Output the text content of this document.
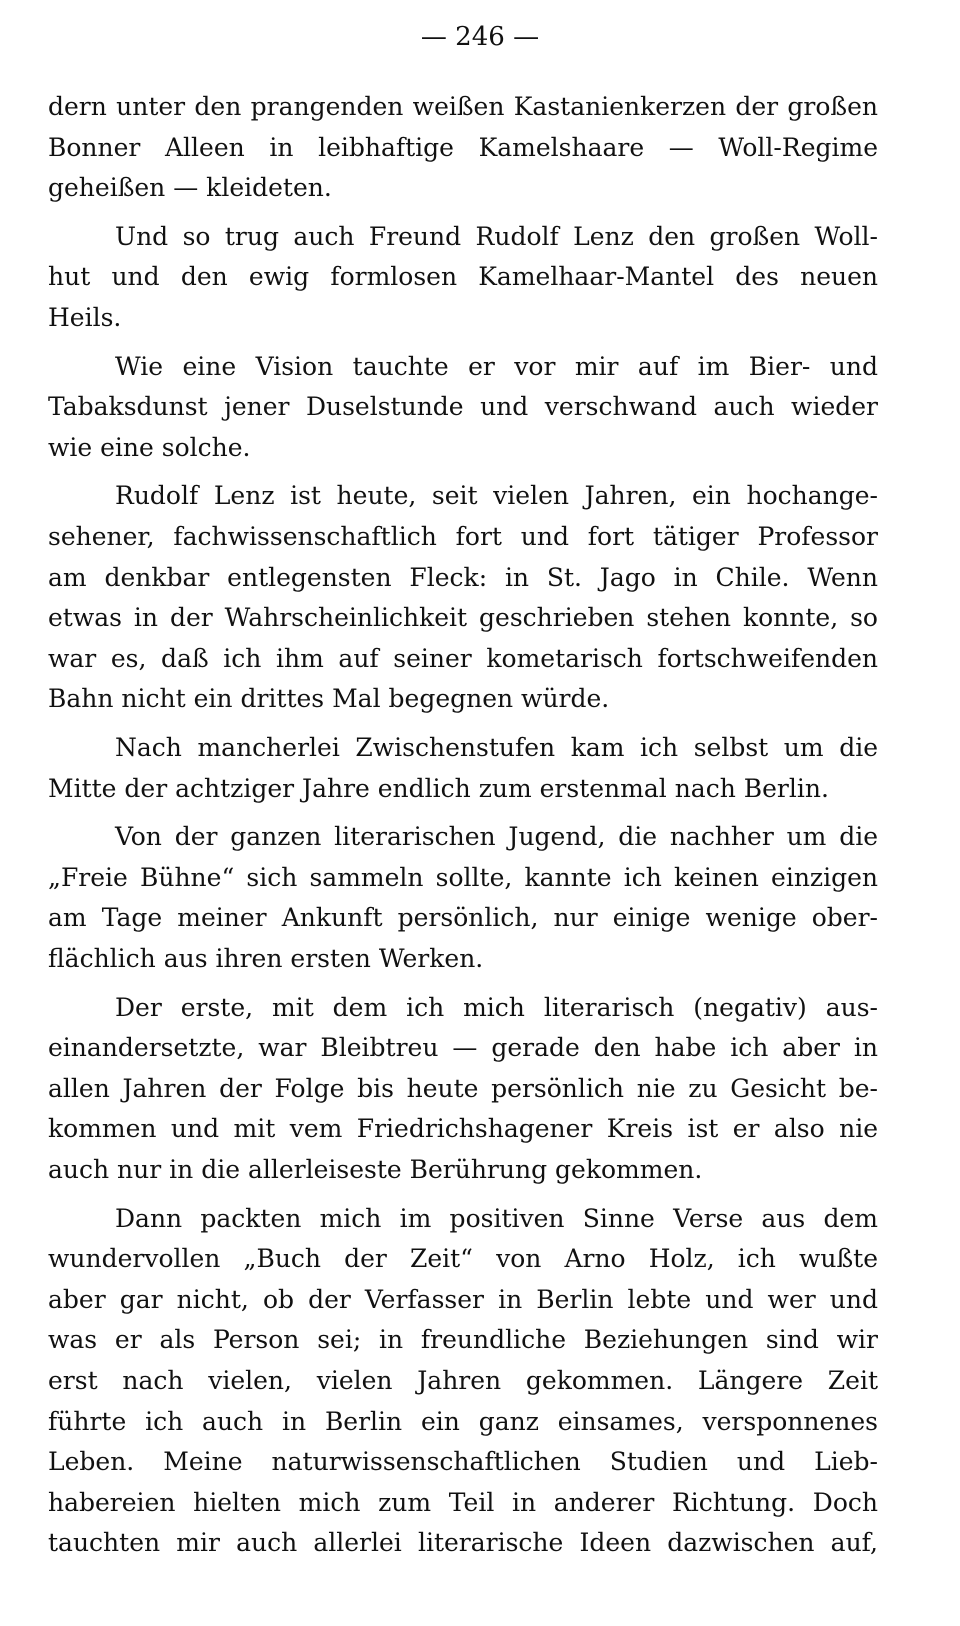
— 246 —
dern unter den prangenden weißen Kastanienkerzen der großen
Bonner Alleen in leibhaftige Kamelshaare — Woll-Regime
geheißen — kleideten.
Und so trug auch Freund Rudolf Lenz den großen Woll-
hut und den ewig formlosen Kamelhaar-Mantel des neuen
Heils.
Wie eine Vision tauchte er vor mir auf im Bier- und
Tabaksdunst jener Duselstunde und verschwand auch wieder
wie eine solche.
Rudolf Lenz ist heute, seit vielen Jahren, ein hochange-
sehener, fachwissenschaftlich fort und fort tätiger Professor
am denkbar entlegensten Fleck: in St. Jago in Chile. Wenn
etwas in der Wahrscheinlichkeit geschrieben stehen konnte, so
war es, daß ich ihm auf seiner kometarisch fortschweifenden
Bahn nicht ein drittes Mal begegnen würde.
Nach mancherlei Zwischenstufen kam ich selbst um die
Mitte der achtziger Jahre endlich zum erstenmal nach Berlin.
Von der ganzen literarischen Jugend, die nachher um die
„Freie Bühne“ sich sammeln sollte, kannte ich keinen einzigen
am Tage meiner Ankunft persönlich, nur einige wenige ober-
flächlich aus ihren ersten Werken.
Der erste, mit dem ich mich literarisch (negativ) aus-
einandersetzte, war Bleibtreu — gerade den habe ich aber in
allen Jahren der Folge bis heute persönlich nie zu Gesicht be-
kommen und mit vem Friedrichshagener Kreis ist er also nie
auch nur in die allerleiseste Berührung gekommen.
Dann packten mich im positiven Sinne Verse aus dem
wundervollen „Buch der Zeit“ von Arno Holz, ich wußte
aber gar nicht, ob der Verfasser in Berlin lebte und wer und
was er als Person sei; in freundliche Beziehungen sind wir
erst nach vielen, vielen Jahren gekommen. Längere Zeit
führte ich auch in Berlin ein ganz einsames, versponnenes
Leben. Meine naturwissenschaftlichen Studien und Lieb-
habereien hielten mich zum Teil in anderer Richtung. Doch
tauchten mir auch allerlei literarische Ideen dazwischen auf,
